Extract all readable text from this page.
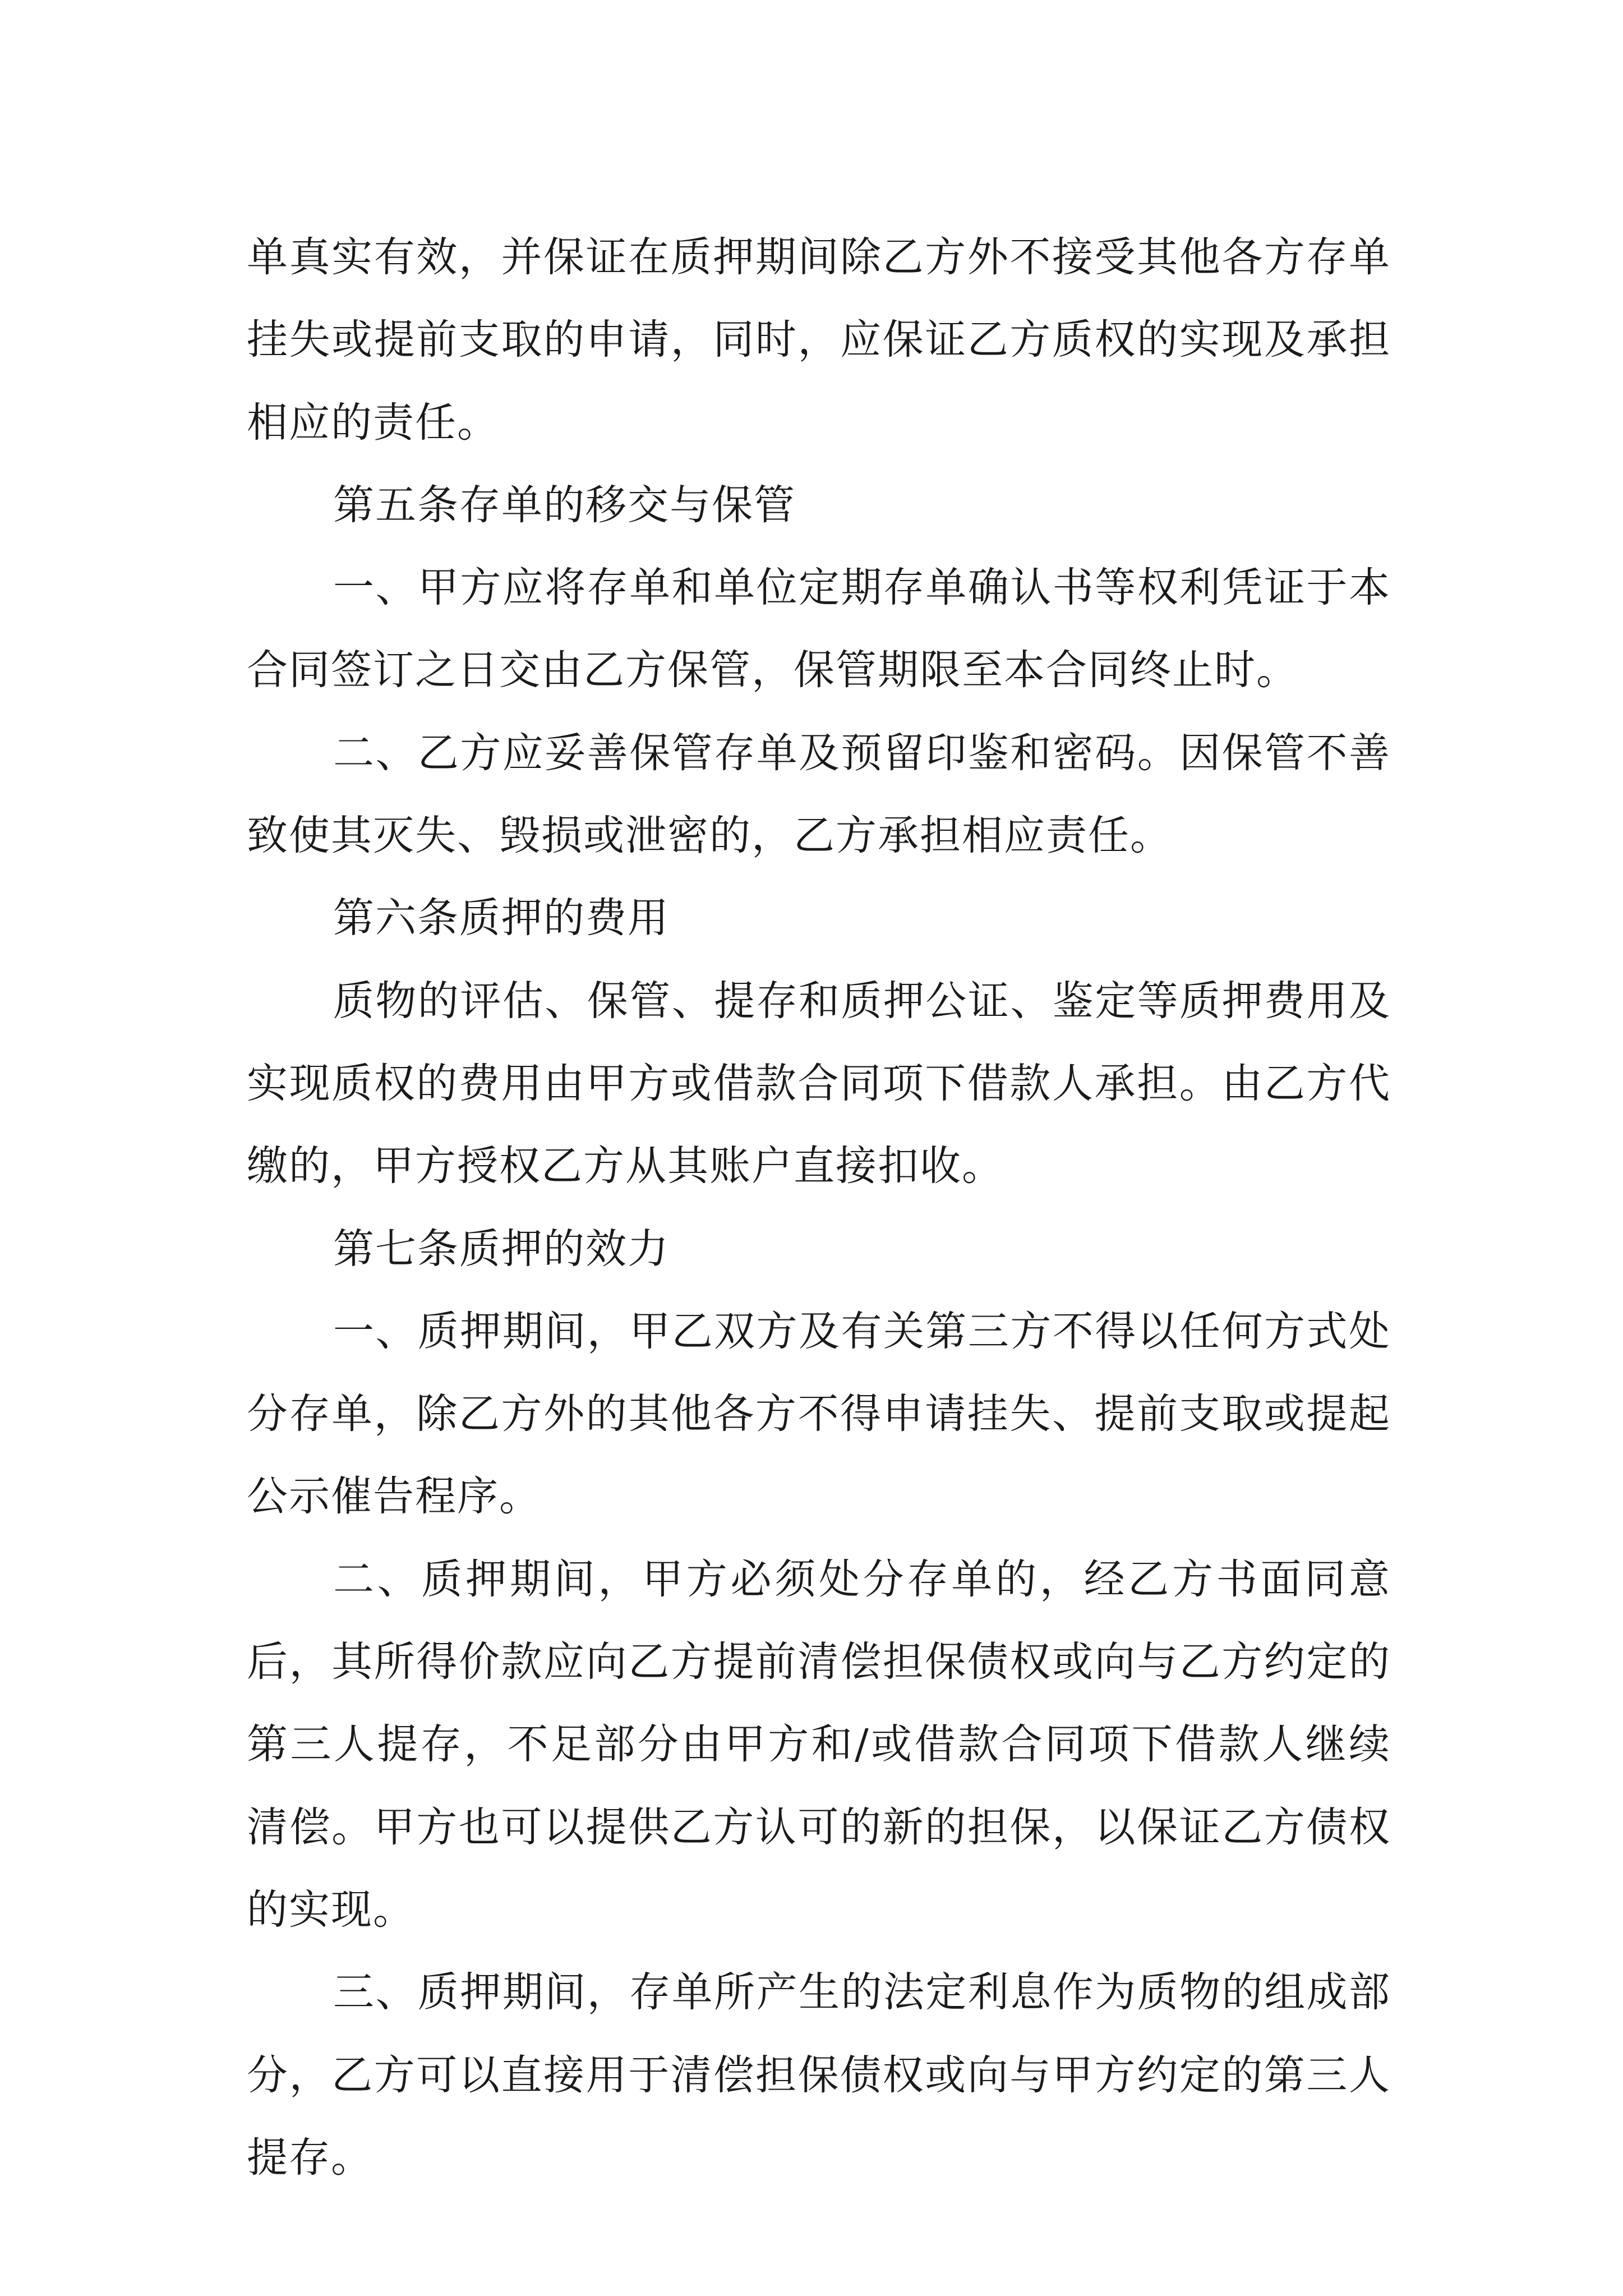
单真实有效，并保证在质押期间除乙方外不接受其他各方存单挂失或提前支取的申请，同时，应保证乙方质权的实现及承担相应的责任。

第五条存单的移交与保管

一、甲方应将存单和单位定期存单确认书等权利凭证于本合同签订之日交由乙方保管，保管期限至本合同终止时。

二、乙方应妥善保管存单及预留印鉴和密码。因保管不善致使其灭失、毁损或泄密的，乙方承担相应责任。

第六条质押的费用

质物的评估、保管、提存和质押公证、鉴定等质押费用及实现质权的费用由甲方或借款合同项下借款人承担。由乙方代缴的，甲方授权乙方从其账户直接扣收。

第七条质押的效力

一、质押期间，甲乙双方及有关第三方不得以任何方式处分存单，除乙方外的其他各方不得申请挂失、提前支取或提起公示催告程序。

二、质押期间，甲方必须处分存单的，经乙方书面同意后，其所得价款应向乙方提前清偿担保债权或向与乙方约定的第三人提存，不足部分由甲方和/或借款合同项下借款人继续清偿。甲方也可以提供乙方认可的新的担保，以保证乙方债权的实现。

三、质押期间，存单所产生的法定利息作为质物的组成部分，乙方可以直接用于清偿担保债权或向与甲方约定的第三人提存。
